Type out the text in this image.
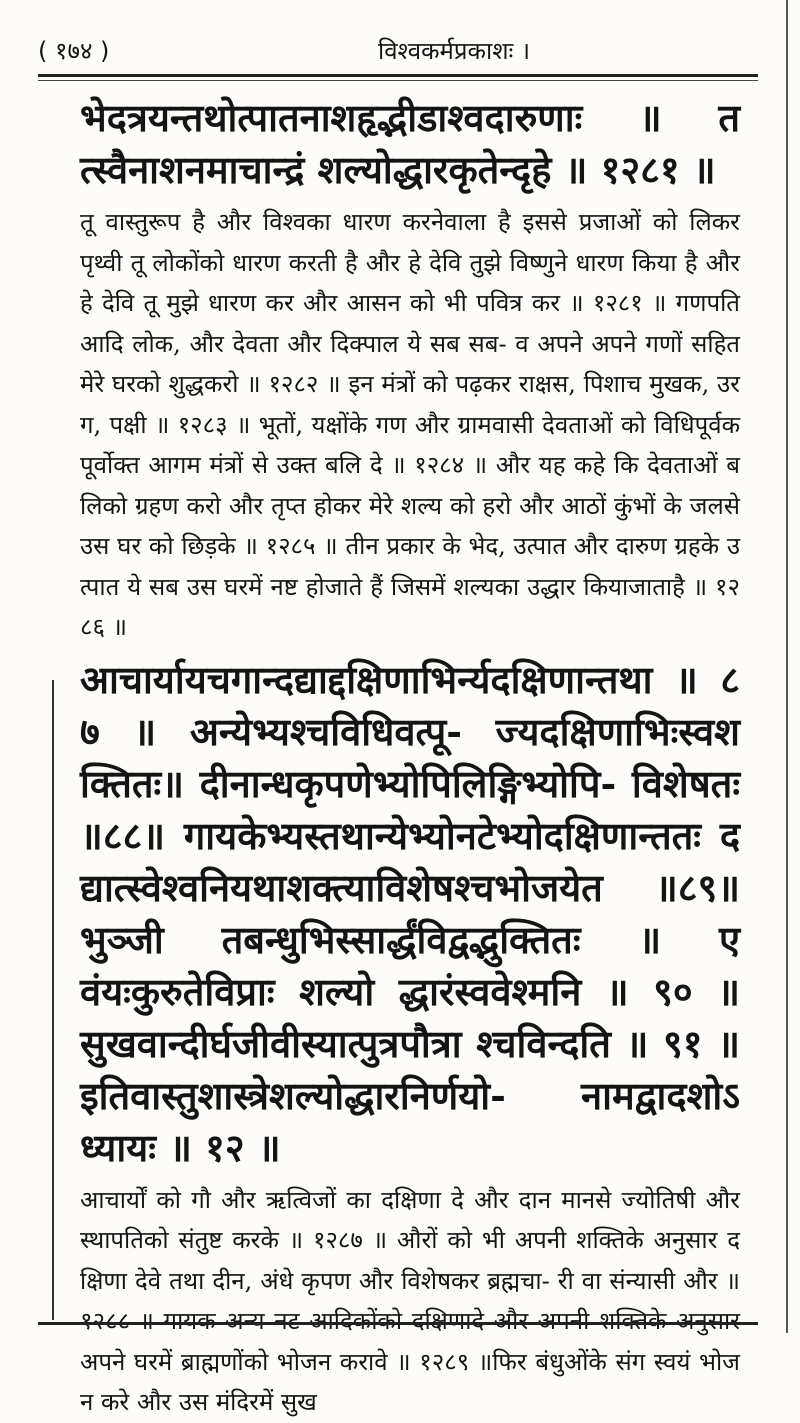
( १७४ )	विश्वकर्मप्रकाशः ।
भेदत्रयन्तथोत्पातनाशहृद्भीडाश्वदारुणाः ॥ तत्स्वैनाशनमाचान्द्रं शल्योद्धारकृतेन्दृहे ॥ १२८१ ॥
तू वास्तुरूप है और विश्वका धारण करनेवाला है इससे प्रजाओं को लिकर पृथ्वी तू लोकोंको धारण करती है और हे देवि तुझे विष्णुने धारण किया है और हे देवि तू मुझे धारण कर और आसन को भी पवित्र कर ॥ १२८१ ॥ गणपति आदि लोक, और देवता और दिक्पाल ये सब सब- व अपने अपने गणों सहित मेरे घरको शुद्धकरो ॥ १२८२ ॥ इन मंत्रों को पढ़कर राक्षस, पिशाच मुखक, उरग, पक्षी ॥ १२८३ ॥ भूतों, यक्षोंके गण और ग्रामवासी देवताओं को विधिपूर्वक पूर्वोक्त आगम मंत्रों से उक्त बलि दे ॥ १२८४ ॥ और यह कहे कि देवताओं बलिको ग्रहण करो और तृप्त होकर मेरे शल्य को हरो और आठों कुंभों के जलसे उस घर को छिड़के ॥ १२८५ ॥ तीन प्रकार के भेद, उत्पात और दारुण ग्रहके उत्पात ये सब उस घरमें नष्ट होजाते हैं जिसमें शल्यका उद्धार कियाजाताहै ॥ १२८६ ॥
आचार्यायचगान्दद्याद्दक्षिणाभिर्न्यदक्षिणान्तथा ॥ ८७ ॥ अन्येभ्यश्चविधिवत्पू- ज्यदक्षिणाभिःस्वशक्तितः॥ दीनान्धकृपणेभ्योपिलिङ्गिभ्योपि- विशेषतः ॥८८॥ गायकेभ्यस्तथान्येभ्योनटेभ्योदक्षिणान्ततः दद्यात्स्वेश्वनियथाशक्त्याविशेषश्चभोजयेत ॥८९॥ भुञ्जी तबन्धुभिस्सार्द्धंविद्वद्भुक्तितः ॥ एवंयःकुरुतेविप्राः शल्यो द्धारंस्ववेश्मनि ॥ ९० ॥ सुखवान्दीर्घजीवीस्यात्पुत्रपौत्रा श्चविन्दति ॥ ९१ ॥ इतिवास्तुशास्त्रेशल्योद्धारनिर्णयो- नामद्वादशोऽध्यायः ॥ १२ ॥
आचार्यों को गौ और ऋत्विजों का दक्षिणा दे और दान मानसे ज्योतिषी और स्थापतिको संतुष्ट करके ॥ १२८७ ॥ औरों को भी अपनी शक्तिके अनुसार दक्षिणा देवे तथा दीन, अंधे कृपण और विशेषकर ब्रह्मचा- री वा संन्यासी और ॥ १२८८ ॥ गायक अन्य नट आदिकोंको दक्षिणादे और अपनी शक्तिके अनुसार अपने घरमें ब्राह्मणोंको भोजन करावे ॥ १२८९ ॥फिर बंधुओंके संग स्वयं भोजन करे और उस मंदिरमें सुख
